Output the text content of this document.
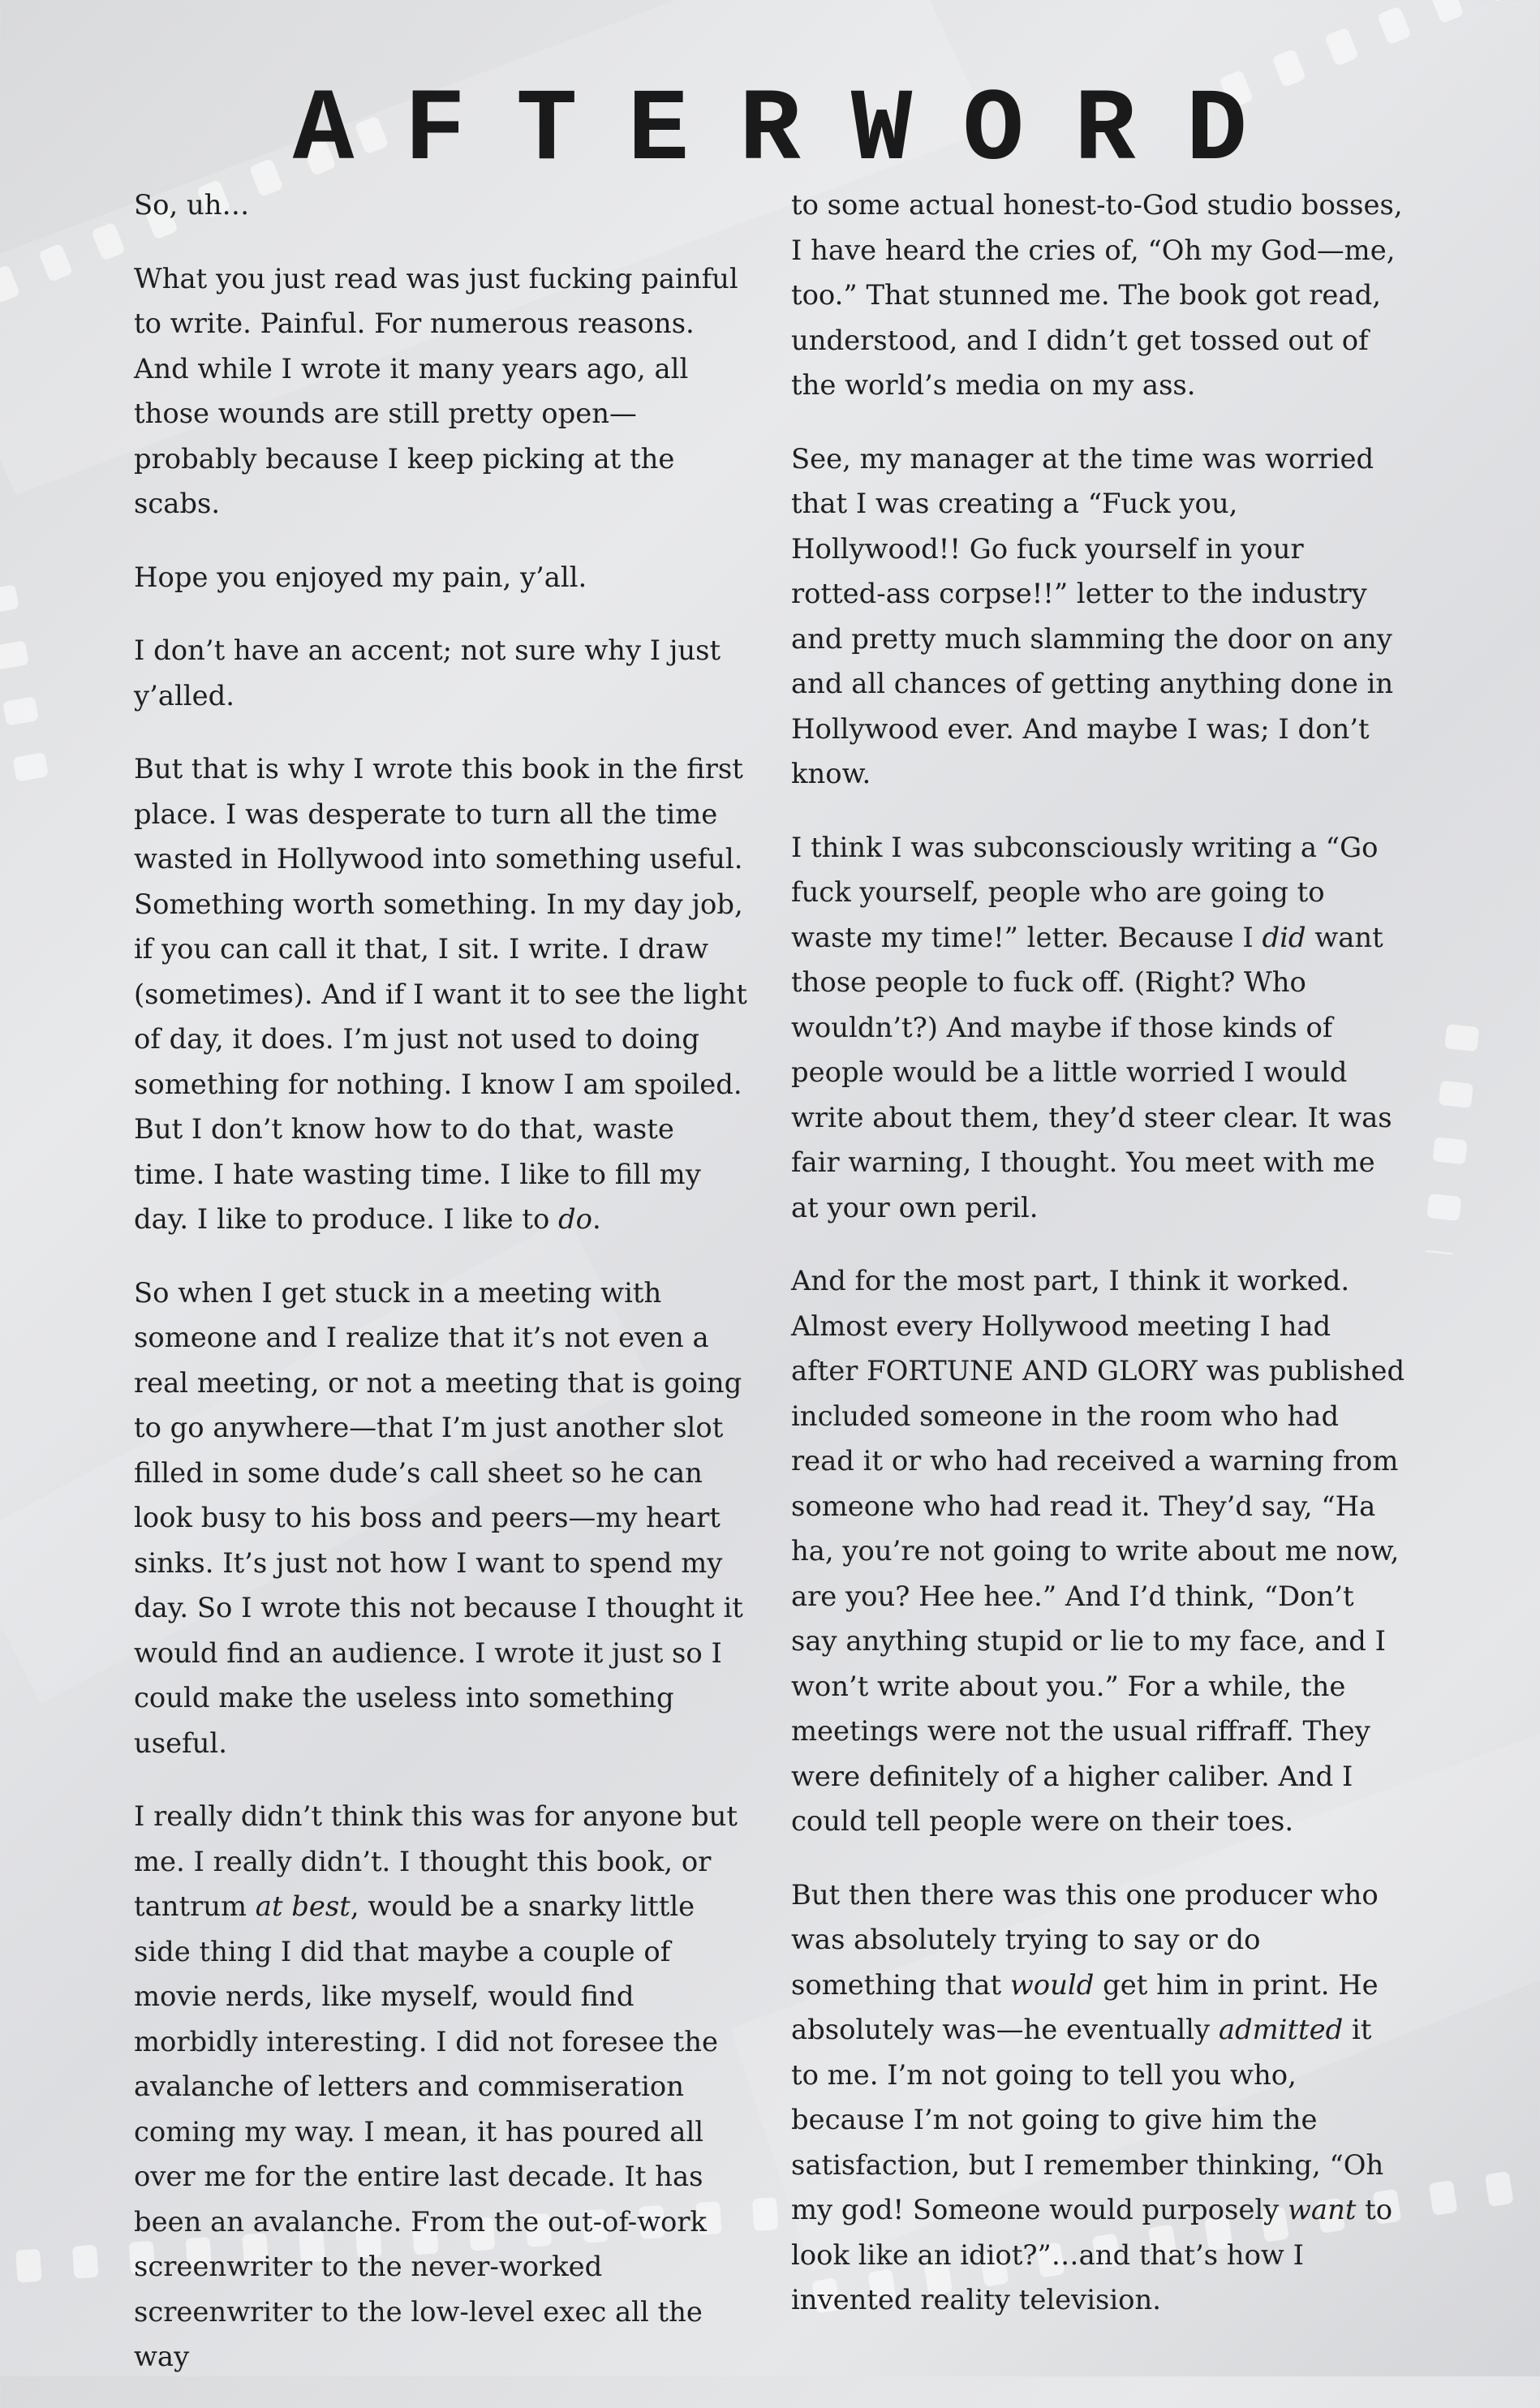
AFTERWORD

So, uh…

What you just read was just fucking painful to write. Painful. For numerous reasons. And while I wrote it many years ago, all those wounds are still pretty open—probably because I keep picking at the scabs.

Hope you enjoyed my pain, y’all.

I don’t have an accent; not sure why I just y’alled.

But that is why I wrote this book in the first place. I was desperate to turn all the time wasted in Hollywood into something useful. Something worth something. In my day job, if you can call it that, I sit. I write. I draw (sometimes). And if I want it to see the light of day, it does. I’m just not used to doing something for nothing. I know I am spoiled. But I don’t know how to do that, waste time. I hate wasting time. I like to fill my day. I like to produce. I like to do.

So when I get stuck in a meeting with someone and I realize that it’s not even a real meeting, or not a meeting that is going to go anywhere—that I’m just another slot filled in some dude’s call sheet so he can look busy to his boss and peers—my heart sinks. It’s just not how I want to spend my day. So I wrote this not because I thought it would find an audience. I wrote it just so I could make the useless into something useful.

I really didn’t think this was for anyone but me. I really didn’t. I thought this book, or tantrum at best, would be a snarky little side thing I did that maybe a couple of movie nerds, like myself, would find morbidly interesting. I did not foresee the avalanche of letters and commiseration coming my way. I mean, it has poured all over me for the entire last decade. It has been an avalanche. From the out-of-work screenwriter to the never-worked screenwriter to the low-level exec all the way

to some actual honest-to-God studio bosses, I have heard the cries of, “Oh my God—me, too.” That stunned me. The book got read, understood, and I didn’t get tossed out of the world’s media on my ass.

See, my manager at the time was worried that I was creating a “Fuck you, Hollywood!! Go fuck yourself in your rotted-ass corpse!!” letter to the industry and pretty much slamming the door on any and all chances of getting anything done in Hollywood ever. And maybe I was; I don’t know.

I think I was subconsciously writing a “Go fuck yourself, people who are going to waste my time!” letter. Because I did want those people to fuck off. (Right? Who wouldn’t?) And maybe if those kinds of people would be a little worried I would write about them, they’d steer clear. It was fair warning, I thought. You meet with me at your own peril.

And for the most part, I think it worked. Almost every Hollywood meeting I had after FORTUNE AND GLORY was published included someone in the room who had read it or who had received a warning from someone who had read it. They’d say, “Ha ha, you’re not going to write about me now, are you? Hee hee.” And I’d think, “Don’t say anything stupid or lie to my face, and I won’t write about you.” For a while, the meetings were not the usual riffraff. They were definitely of a higher caliber. And I could tell people were on their toes.

But then there was this one producer who was absolutely trying to say or do something that would get him in print. He absolutely was—he eventually admitted it to me. I’m not going to tell you who, because I’m not going to give him the satisfaction, but I remember thinking, “Oh my god! Someone would purposely want to look like an idiot?”…and that’s how I invented reality television.
